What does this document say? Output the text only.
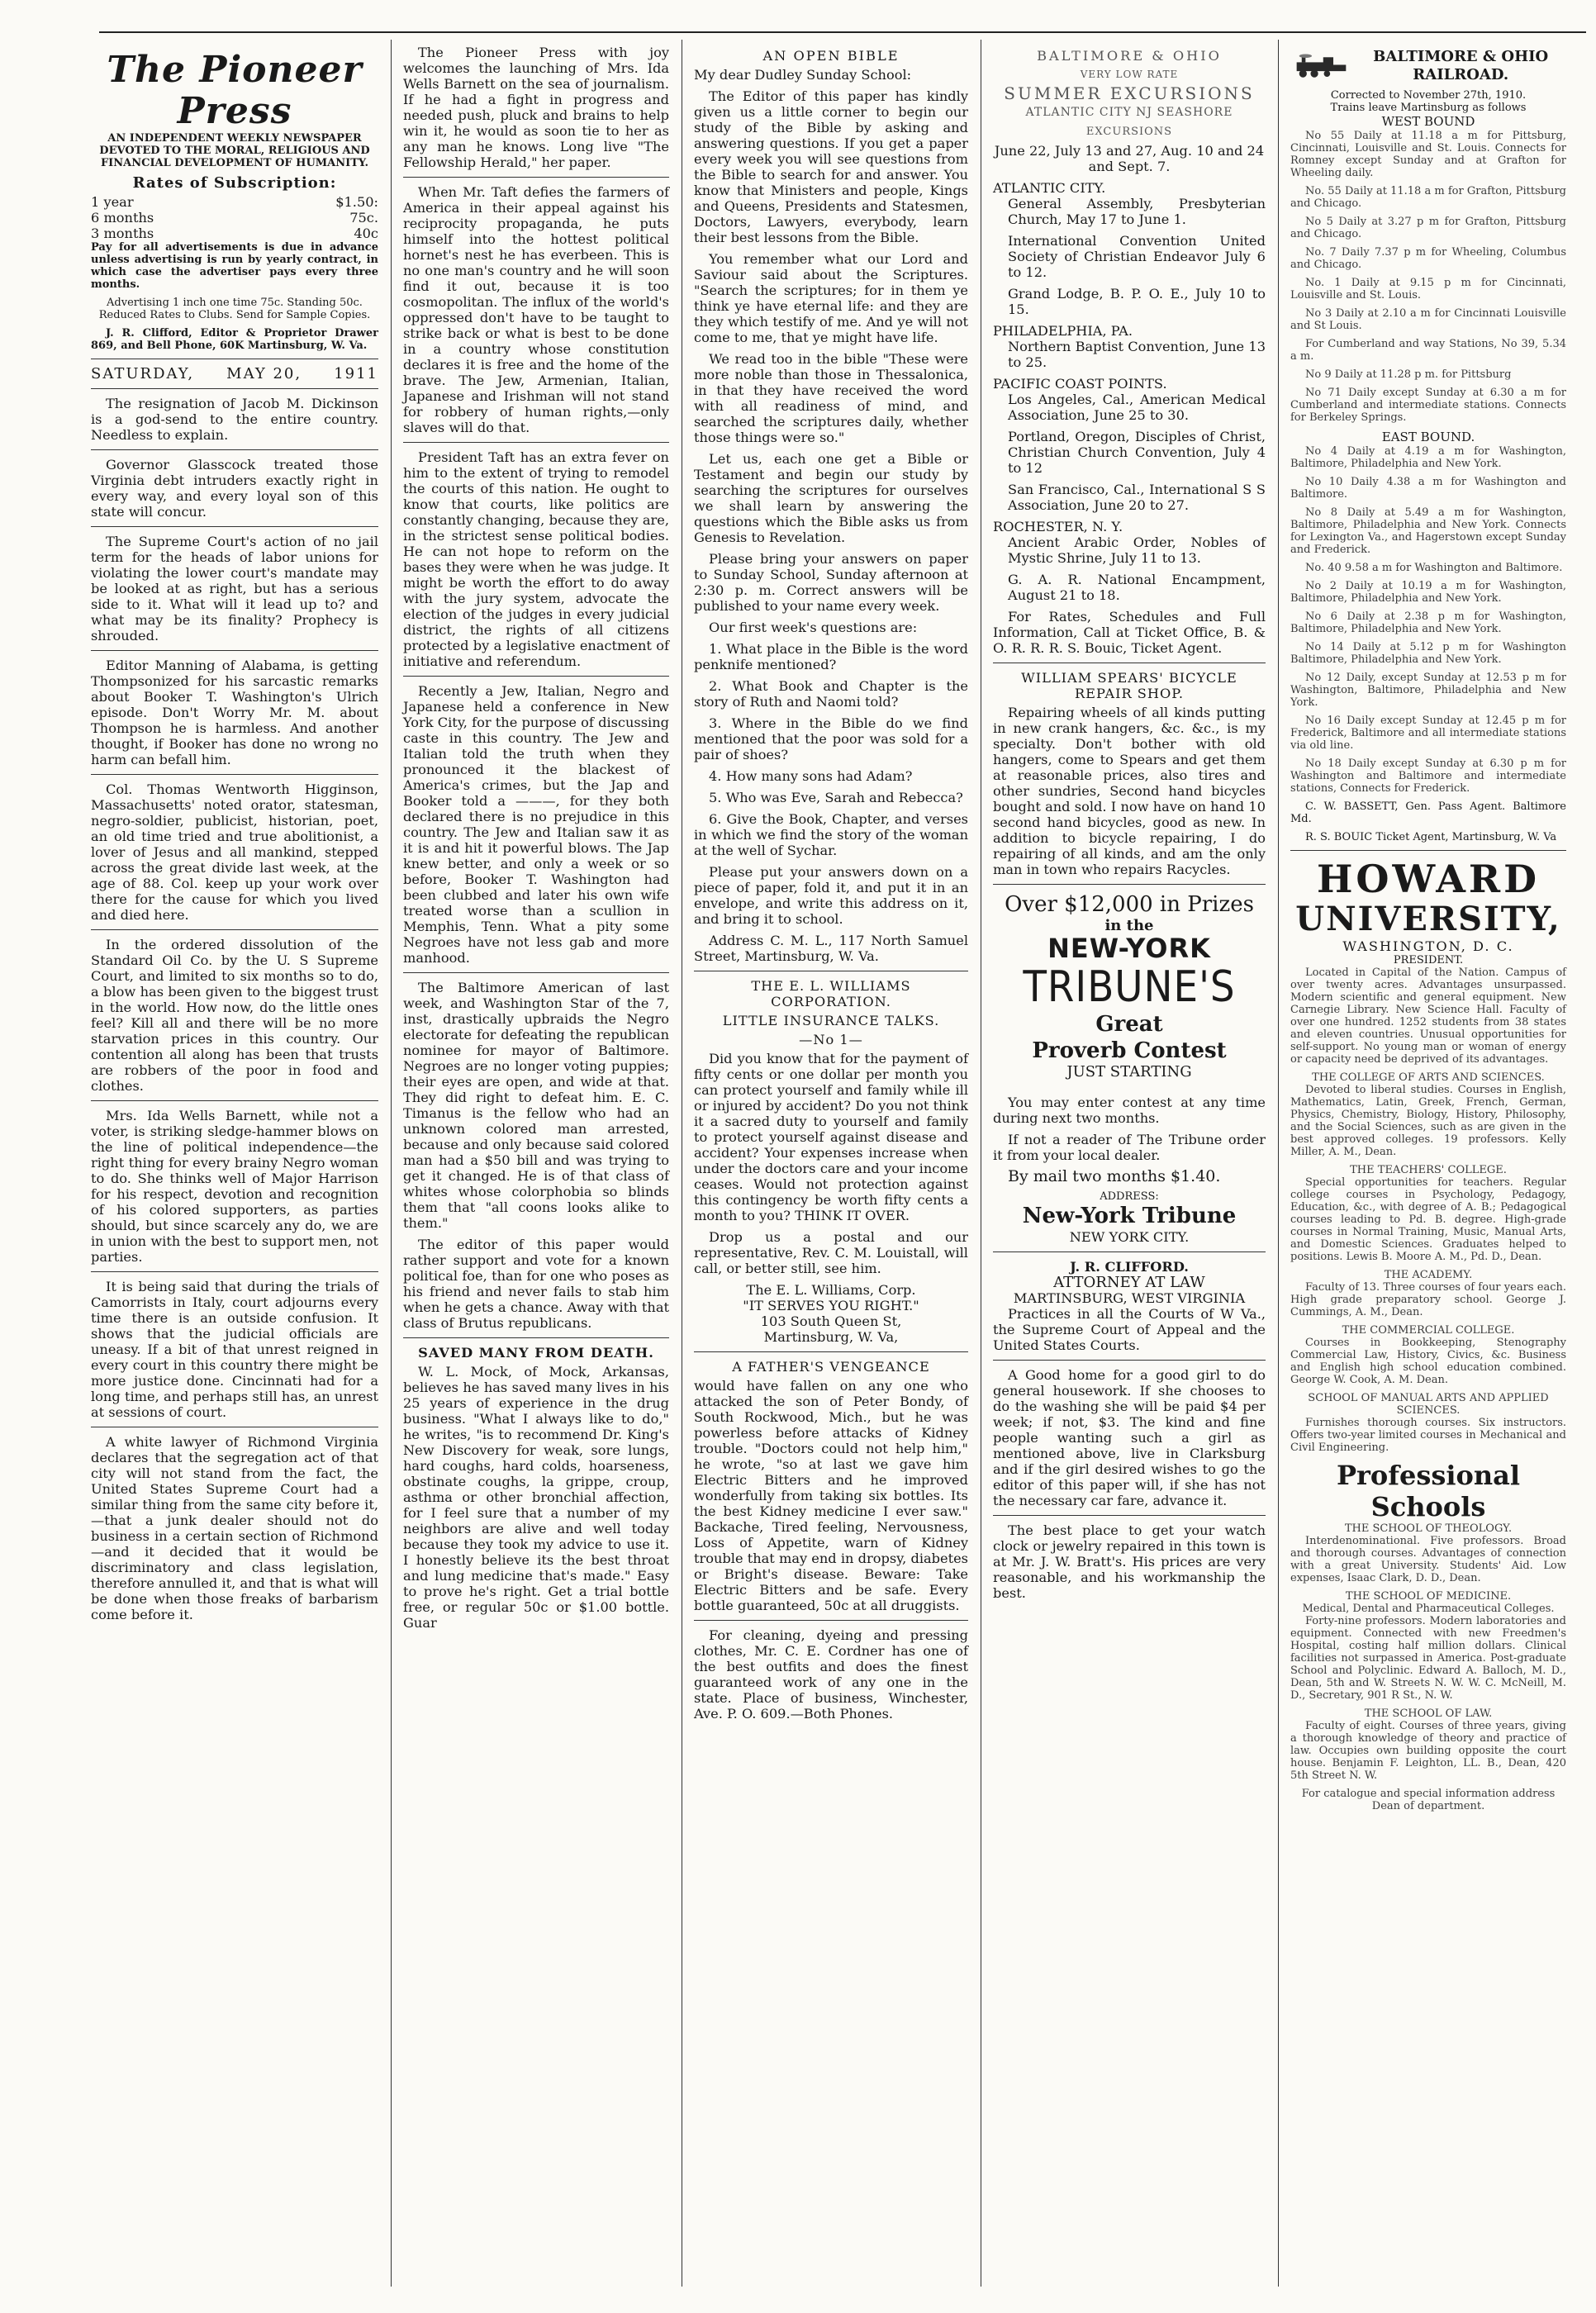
The Pioneer Press

AN INDEPENDENT WEEKLY NEWSPAPER DEVOTED TO THE MORAL, RELIGIOUS AND FINANCIAL DEVELOPMENT OF HUMANITY.

Rates of Subscription:
1 year	$1.50:
6 months	75c.
3 months	40c

Pay for all advertisements is due in advance unless advertising is run by yearly contract, in which case the advertiser pays every three months.

Advertising 1 inch one time 75c. Standing 50c. Reduced Rates to Clubs. Send for Sample Copies.

J. R. Clifford, Editor & Proprietor Drawer 869, and Bell Phone, 60K Martinsburg, W. Va.

SATURDAY, MAY 20, 1911

The resignation of Jacob M. Dickinson is a god-send to the entire country. Needless to explain.

Governor Glasscock treated those Virginia debt intruders exactly right in every way, and every loyal son of this state will concur.

The Supreme Court's action of no jail term for the heads of labor unions for violating the lower court's mandate may be looked at as right, but has a serious side to it. What will it lead up to? and what may be its finality? Prophecy is shrouded.

Editor Manning of Alabama, is getting Thompsonized for his sarcastic remarks about Booker T. Washington's Ulrich episode. Don't Worry Mr. M. about Thompson he is harmless. And another thought, if Booker has done no wrong no harm can befall him.

Col. Thomas Wentworth Higginson, Massachusetts' noted orator, statesman, negro-soldier, publicist, historian, poet, an old time tried and true abolitionist, a lover of Jesus and all mankind, stepped across the great divide last week, at the age of 88. Col. keep up your work over there for the cause for which you lived and died here.

In the ordered dissolution of the Standard Oil Co. by the U. S Supreme Court, and limited to six months so to do, a blow has been given to the biggest trust in the world. How now, do the little ones feel? Kill all and there will be no more starvation prices in this country. Our contention all along has been that trusts are robbers of the poor in food and clothes.

Mrs. Ida Wells Barnett, while not a voter, is striking sledge-hammer blows on the line of political independence—the right thing for every brainy Negro woman to do. She thinks well of Major Harrison for his respect, devotion and recognition of his colored supporters, as parties should, but since scarcely any do, we are in union with the best to support men, not parties.

It is being said that during the trials of Camorrists in Italy, court adjourns every time there is an outside confusion. It shows that the judicial officials are uneasy. If a bit of that unrest reigned in every court in this country there might be more justice done. Cincinnati had for a long time, and perhaps still has, an unrest at sessions of court.

A white lawyer of Richmond Virginia declares that the segregation act of that city will not stand from the fact, the United States Supreme Court had a similar thing from the same city before it,—that a junk dealer should not do business in a certain section of Richmond—and it decided that it would be discriminatory and class legislation, therefore annulled it, and that is what will be done when those freaks of barbarism come before it.

The Pioneer Press with joy welcomes the launching of Mrs. Ida Wells Barnett on the sea of journalism. If he had a fight in progress and needed push, pluck and brains to help win it, he would as soon tie to her as any man he knows. Long live "The Fellowship Herald," her paper.

When Mr. Taft defies the farmers of America in their appeal against his reciprocity propaganda, he puts himself into the hottest political hornet's nest he has everbeen. This is no one man's country and he will soon find it out, because it is too cosmopolitan. The influx of the world's oppressed don't have to be taught to strike back or what is best to be done in a country whose constitution declares it is free and the home of the brave. The Jew, Armenian, Italian, Japanese and Irishman will not stand for robbery of human rights,—only slaves will do that.

President Taft has an extra fever on him to the extent of trying to remodel the courts of this nation. He ought to know that courts, like politics are constantly changing, because they are, in the strictest sense political bodies. He can not hope to reform on the bases they were when he was judge. It might be worth the effort to do away with the jury system, advocate the election of the judges in every judicial district, the rights of all citizens protected by a legislative enactment of initiative and referendum.

Recently a Jew, Italian, Negro and Japanese held a conference in New York City, for the purpose of discussing caste in this country. The Jew and Italian told the truth when they pronounced it the blackest of America's crimes, but the Jap and Booker told a ———, for they both declared there is no prejudice in this country. The Jew and Italian saw it as it is and hit it powerful blows. The Jap knew better, and only a week or so before, Booker T. Washington had been clubbed and later his own wife treated worse than a scullion in Memphis, Tenn. What a pity some Negroes have not less gab and more manhood.

The Baltimore American of last week, and Washington Star of the 7, inst, drastically upbraids the Negro electorate for defeating the republican nominee for mayor of Baltimore. Negroes are no longer voting puppies; their eyes are open, and wide at that. They did right to defeat him. E. C. Timanus is the fellow who had an unknown colored man arrested, because and only because said colored man had a $50 bill and was trying to get it changed. He is of that class of whites whose colorphobia so blinds them that "all coons looks alike to them."

The editor of this paper would rather support and vote for a known political foe, than for one who poses as his friend and never fails to stab him when he gets a chance. Away with that class of Brutus republicans.

SAVED MANY FROM DEATH.

W. L. Mock, of Mock, Arkansas, believes he has saved many lives in his 25 years of experience in the drug business. "What I always like to do," he writes, "is to recommend Dr. King's New Discovery for weak, sore lungs, hard coughs, hard colds, hoarseness, obstinate coughs, la grippe, croup, asthma or other bronchial affection, for I feel sure that a number of my neighbors are alive and well today because they took my advice to use it. I honestly believe its the best throat and lung medicine that's made." Easy to prove he's right. Get a trial bottle free, or regular 50c or $1.00 bottle. Guar

AN OPEN BIBLE

My dear Dudley Sunday School:

The Editor of this paper has kindly given us a little corner to begin our study of the Bible by asking and answering questions. If you get a paper every week you will see questions from the Bible to search for and answer. You know that Ministers and people, Kings and Queens, Presidents and Statesmen, Doctors, Lawyers, everybody, learn their best lessons from the Bible.

You remember what our Lord and Saviour said about the Scriptures. "Search the scriptures; for in them ye think ye have eternal life: and they are they which testify of me. And ye will not come to me, that ye might have life.

We read too in the bible "These were more noble than those in Thessalonica, in that they have received the word with all readiness of mind, and searched the scriptures daily, whether those things were so."

Let us, each one get a Bible or Testament and begin our study by searching the scriptures for ourselves we shall learn by answering the questions which the Bible asks us from Genesis to Revelation.

Please bring your answers on paper to Sunday School, Sunday afternoon at 2:30 p. m. Correct answers will be published to your name every week.

Our first week's questions are:

1. What place in the Bible is the word penknife mentioned?

2. What Book and Chapter is the story of Ruth and Naomi told?

3. Where in the Bible do we find mentioned that the poor was sold for a pair of shoes?

4. How many sons had Adam?

5. Who was Eve, Sarah and Rebecca?

6. Give the Book, Chapter, and verses in which we find the story of the woman at the well of Sychar.

Please put your answers down on a piece of paper, fold it, and put it in an envelope, and write this address on it, and bring it to school.

Address C. M. L., 117 North Samuel Street, Martinsburg, W. Va.

THE E. L. WILLIAMS CORPORATION.
LITTLE INSURANCE TALKS.
—No 1—

Did you know that for the payment of fifty cents or one dollar per month you can protect yourself and family while ill or injured by accident? Do you not think it a sacred duty to yourself and family to protect yourself against disease and accident? Your expenses increase when under the doctors care and your income ceases. Would not protection against this contingency be worth fifty cents a month to you? THINK IT OVER.

Drop us a postal and our representative, Rev. C. M. Louistall, will call, or better still, see him.

The E. L. Williams, Corp.
"IT SERVES YOU RIGHT."
103 South Queen St,
Martinsburg, W. Va,
A FATHER'S VENGEANCE

would have fallen on any one who attacked the son of Peter Bondy, of South Rockwood, Mich., but he was powerless before attacks of Kidney trouble. "Doctors could not help him," he wrote, "so at last we gave him Electric Bitters and he improved wonderfully from taking six bottles. Its the best Kidney medicine I ever saw." Backache, Tired feeling, Nervousness, Loss of Appetite, warn of Kidney trouble that may end in dropsy, diabetes or Bright's disease. Beware: Take Electric Bitters and be safe. Every bottle guaranteed, 50c at all druggists.

For cleaning, dyeing and pressing clothes, Mr. C. E. Cordner has one of the best outfits and does the finest guaranteed work of any one in the state. Place of business, Winchester, Ave. P. O. 609.—Both Phones.

BALTIMORE & OHIO
VERY LOW RATE
SUMMER EXCURSIONS
ATLANTIC CITY NJ SEASHORE
EXCURSIONS

June 22, July 13 and 27, Aug. 10 and 24 and Sept. 7.

ATLANTIC CITY.

General Assembly, Presbyterian Church, May 17 to June 1.

International Convention United Society of Christian Endeavor July 6 to 12.

Grand Lodge, B. P. O. E., July 10 to 15.

PHILADELPHIA, PA.

Northern Baptist Convention, June 13 to 25.

PACIFIC COAST POINTS.

Los Angeles, Cal., American Medical Association, June 25 to 30.

Portland, Oregon, Disciples of Christ, Christian Church Convention, July 4 to 12

San Francisco, Cal., International S S Association, June 20 to 27.

ROCHESTER, N. Y.

Ancient Arabic Order, Nobles of Mystic Shrine, July 11 to 13.

G. A. R. National Encampment, August 21 to 18.

For Rates, Schedules and Full Information, Call at Ticket Office, B. & O. R. R. R. S. Bouic, Ticket Agent.

WILLIAM SPEARS' BICYCLE REPAIR SHOP.

Repairing wheels of all kinds putting in new crank hangers, &c. &c., is my specialty. Don't bother with old hangers, come to Spears and get them at reasonable prices, also tires and other sundries, Second hand bicycles bought and sold. I now have on hand 10 second hand bicycles, good as new. In addition to bicycle repairing, I do repairing of all kinds, and am the only man in town who repairs Racycles.

Over $12,000 in Prizes
in the
NEW-YORK
TRIBUNE'S
Great
Proverb Contest
JUST STARTING

You may enter contest at any time during next two months.

If not a reader of The Tribune order it from your local dealer.

By mail two months $1.40.

ADDRESS:
New-York Tribune
NEW YORK CITY.
J. R. CLIFFORD.
ATTORNEY AT LAW
MARTINSBURG, WEST VIRGINIA

Practices in all the Courts of W Va., the Supreme Court of Appeal and the United States Courts.

A Good home for a good girl to do general housework. If she chooses to do the washing she will be paid $4 per week; if not, $3. The kind and fine people wanting such a girl as mentioned above, live in Clarksburg and if the girl desired wishes to go the editor of this paper will, if she has not the necessary car fare, advance it.

The best place to get your watch clock or jewelry repaired in this town is at Mr. J. W. Bratt's. His prices are very reasonable, and his workmanship the best.

BALTIMORE & OHIO RAILROAD.
Corrected to November 27th, 1910.
Trains leave Martinsburg as follows
WEST BOUND

No 55 Daily at 11.18 a m for Pittsburg, Cincinnati, Louisville and St. Louis. Connects for Romney except Sunday and at Grafton for Wheeling daily.

No. 55 Daily at 11.18 a m for Grafton, Pittsburg and Chicago.

No 5 Daily at 3.27 p m for Grafton, Pittsburg and Chicago.

No. 7 Daily 7.37 p m for Wheeling, Columbus and Chicago.

No. 1 Daily at 9.15 p m for Cincinnati, Louisville and St. Louis.

No 3 Daily at 2.10 a m for Cincinnati Louisville and St Louis.

For Cumberland and way Stations, No 39, 5.34 a m.

No 9 Daily at 11.28 p m. for Pittsburg

No 71 Daily except Sunday at 6.30 a m for Cumberland and intermediate stations. Connects for Berkeley Springs.

EAST BOUND.

No 4 Daily at 4.19 a m for Washington, Baltimore, Philadelphia and New York.

No 10 Daily 4.38 a m for Washington and Baltimore.

No 8 Daily at 5.49 a m for Washington, Baltimore, Philadelphia and New York. Connects for Lexington Va., and Hagerstown except Sunday and Frederick.

No. 40 9.58 a m for Washington and Baltimore.

No 2 Daily at 10.19 a m for Washington, Baltimore, Philadelphia and New York.

No 6 Daily at 2.38 p m for Washington, Baltimore, Philadelphia and New York.

No 14 Daily at 5.12 p m for Washington Baltimore, Philadelphia and New York.

No 12 Daily, except Sunday at 12.53 p m for Washington, Baltimore, Philadelphia and New York.

No 16 Daily except Sunday at 12.45 p m for Frederick, Baltimore and all intermediate stations via old line.

No 18 Daily except Sunday at 6.30 p m for Washington and Baltimore and intermediate stations, Connects for Frederick.

C. W. BASSETT, Gen. Pass Agent. Baltimore Md.

R. S. BOUIC Ticket Agent, Martinsburg, W. Va

HOWARD
UNIVERSITY,
WASHINGTON, D. C.
PRESIDENT.

Located in Capital of the Nation. Campus of over twenty acres. Advantages unsurpassed. Modern scientific and general equipment. New Carnegie Library. New Science Hall. Faculty of over one hundred. 1252 students from 38 states and eleven countries. Unusual opportunities for self-support. No young man or woman of energy or capacity need be deprived of its advantages.

THE COLLEGE OF ARTS AND SCIENCES.

Devoted to liberal studies. Courses in English, Mathematics, Latin, Greek, French, German, Physics, Chemistry, Biology, History, Philosophy, and the Social Sciences, such as are given in the best approved colleges. 19 professors. Kelly Miller, A. M., Dean.

THE TEACHERS' COLLEGE.

Special opportunities for teachers. Regular college courses in Psychology, Pedagogy, Education, &c., with degree of A. B.; Pedagogical courses leading to Pd. B. degree. High-grade courses in Normal Training, Music, Manual Arts, and Domestic Sciences. Graduates helped to positions. Lewis B. Moore A. M., Pd. D., Dean.

THE ACADEMY.

Faculty of 13. Three courses of four years each. High grade preparatory school. George J. Cummings, A. M., Dean.

THE COMMERCIAL COLLEGE.

Courses in Bookkeeping, Stenography Commercial Law, History, Civics, &c. Business and English high school education combined. George W. Cook, A. M. Dean.

SCHOOL OF MANUAL ARTS AND APPLIED SCIENCES.

Furnishes thorough courses. Six instructors. Offers two-year limited courses in Mechanical and Civil Engineering.

Professional Schools
THE SCHOOL OF THEOLOGY.

Interdenominational. Five professors. Broad and thorough courses. Advantages of connection with a great University. Students' Aid. Low expenses, Isaac Clark, D. D., Dean.

THE SCHOOL OF MEDICINE.
Medical, Dental and Pharmaceutical Colleges.

Forty-nine professors. Modern laboratories and equipment. Connected with new Freedmen's Hospital, costing half million dollars. Clinical facilities not surpassed in America. Post-graduate School and Polyclinic. Edward A. Balloch, M. D., Dean, 5th and W. Streets N. W. W. C. McNeill, M. D., Secretary, 901 R St., N. W.

THE SCHOOL OF LAW.

Faculty of eight. Courses of three years, giving a thorough knowledge of theory and practice of law. Occupies own building opposite the court house. Benjamin F. Leighton, LL. B., Dean, 420 5th Street N. W.

For catalogue and special information address Dean of department.
